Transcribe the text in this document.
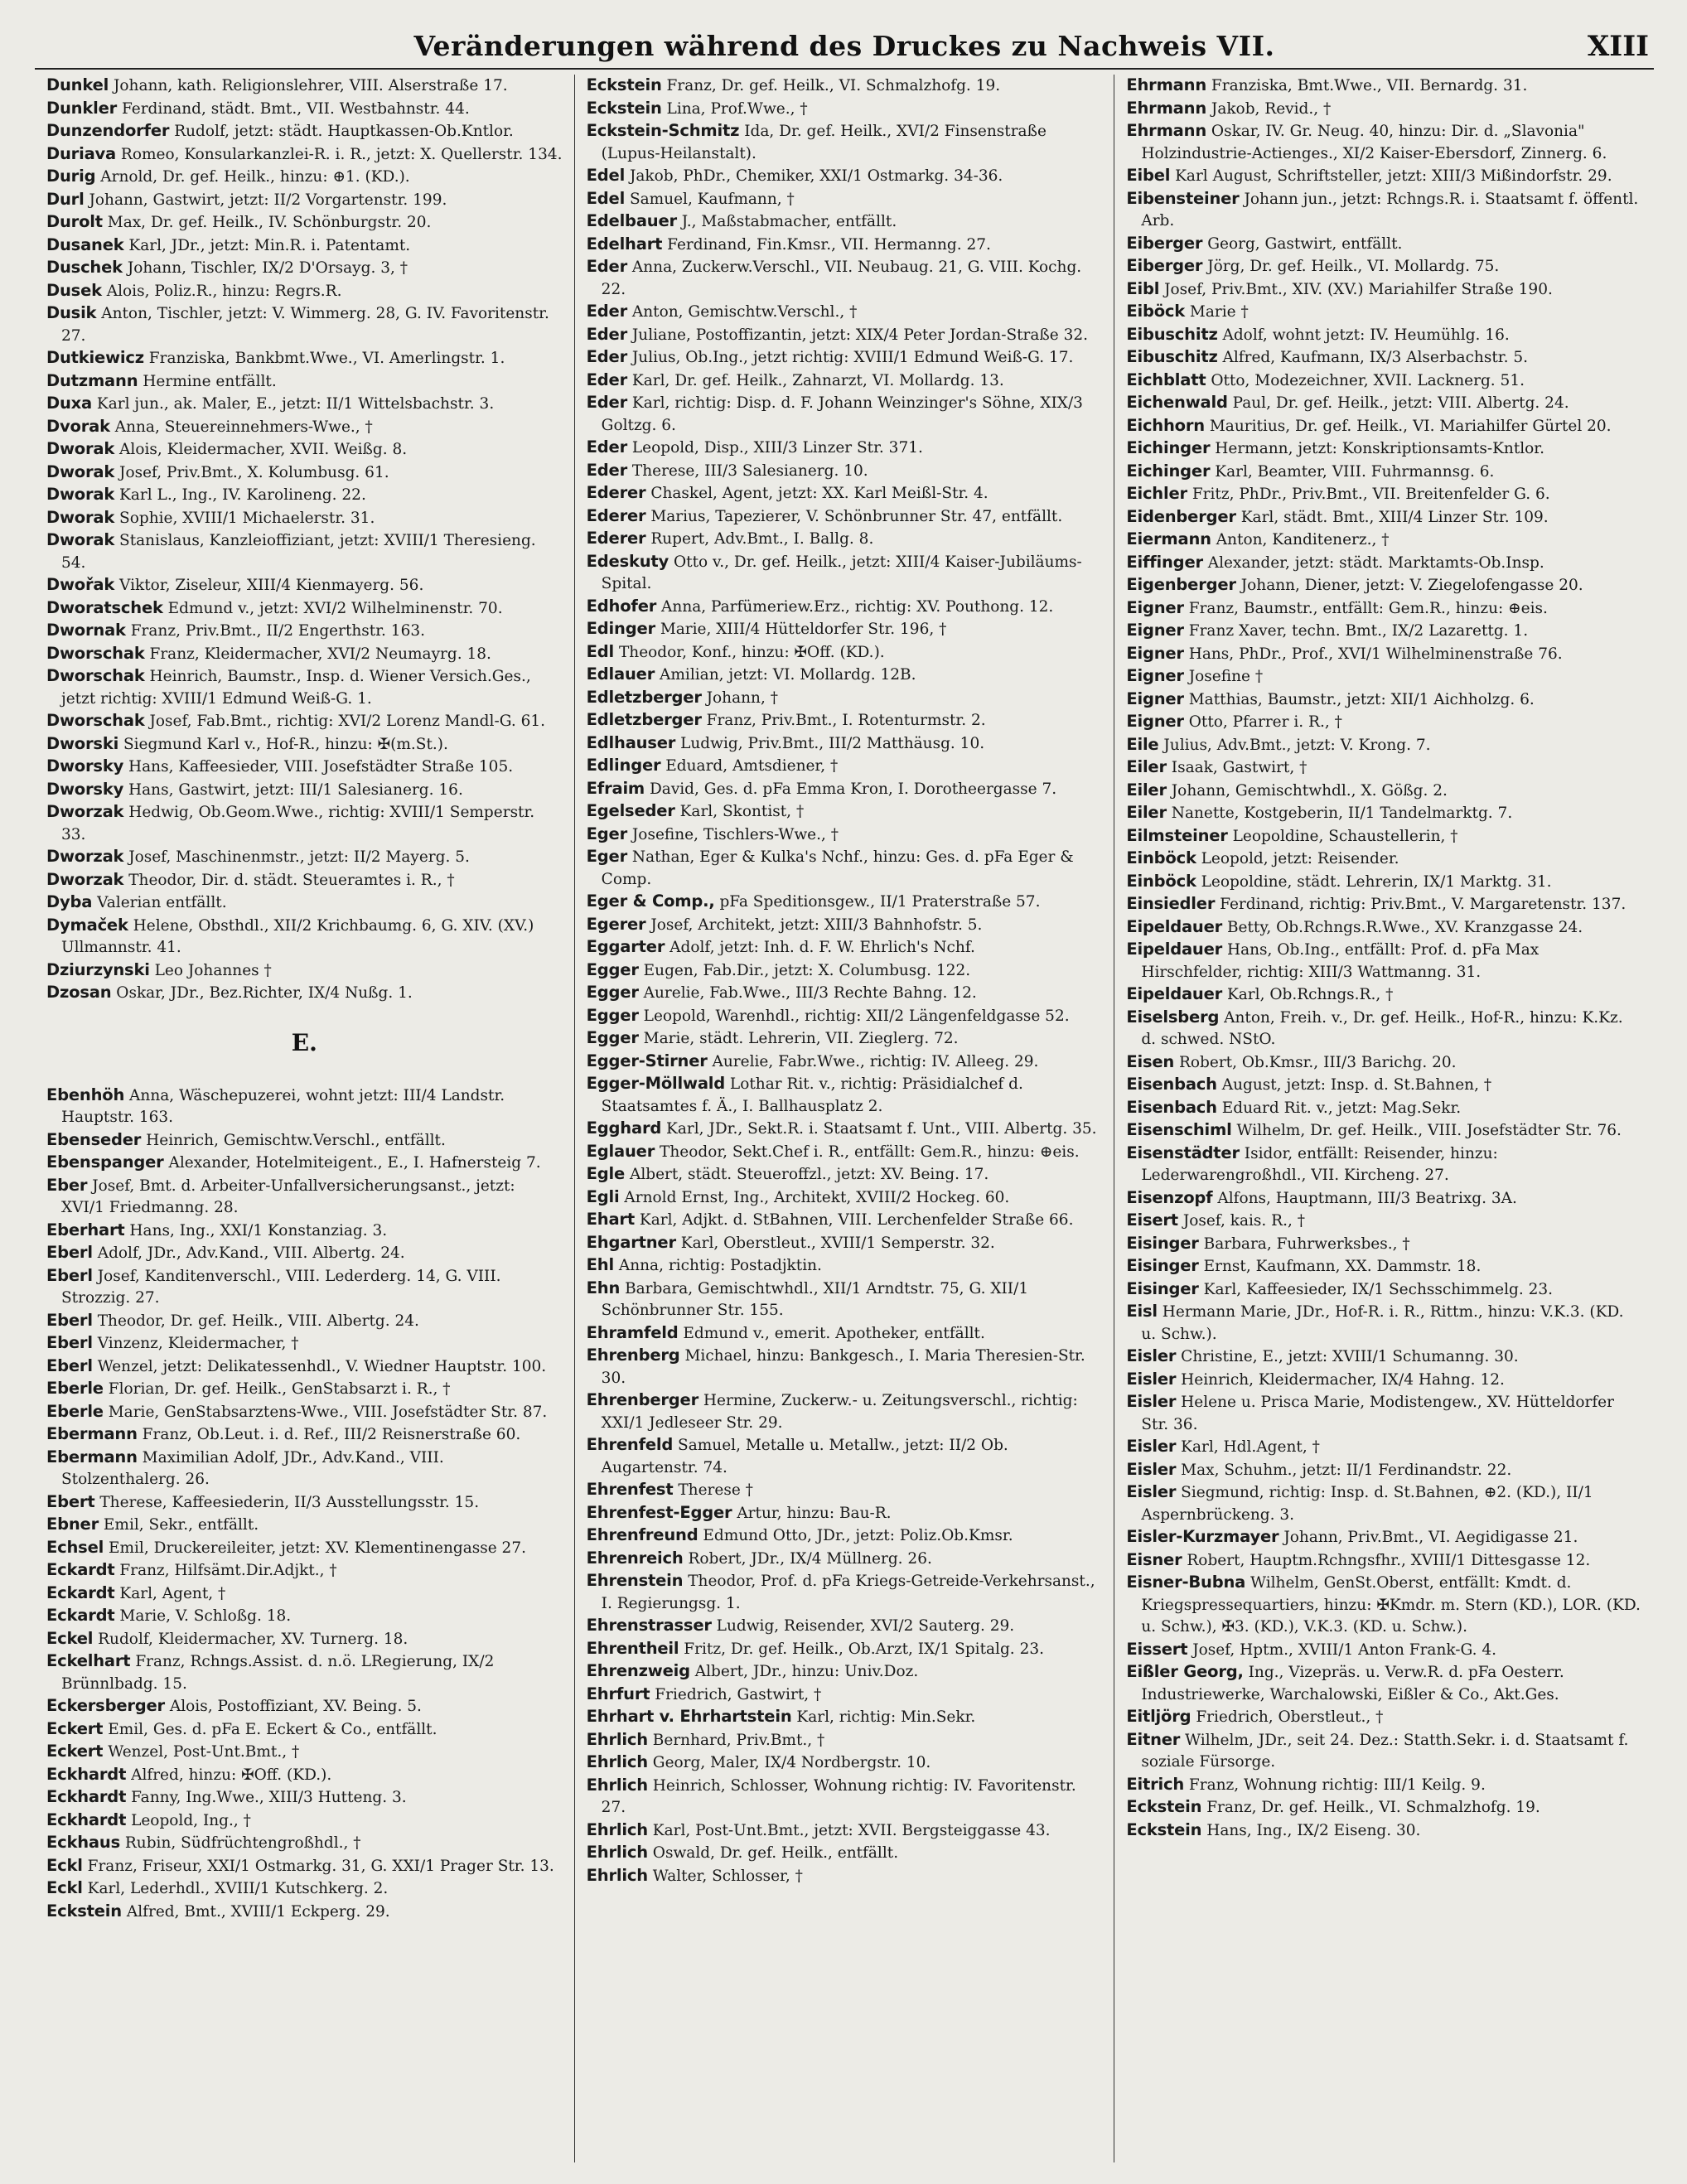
Veränderungen während des Druckes zu Nachweis VII.	XIII

Dunkel Johann, kath. Religionslehrer, VIII. Alserstraße 17.

Dunkler Ferdinand, städt. Bmt., VII. Westbahnstr. 44.

Dunzendorfer Rudolf, jetzt: städt. Hauptkassen-Ob.Kntlor.

Duriava Romeo, Konsularkanzlei-R. i. R., jetzt: X. Quellerstr. 134.

Durig Arnold, Dr. gef. Heilk., hinzu: ⊕1. (KD.).

Durl Johann, Gastwirt, jetzt: II/2 Vorgartenstr. 199.

Durolt Max, Dr. gef. Heilk., IV. Schönburgstr. 20.

Dusanek Karl, JDr., jetzt: Min.R. i. Patentamt.

Duschek Johann, Tischler, IX/2 D'Orsayg. 3, †

Dusek Alois, Poliz.R., hinzu: Regrs.R.

Dusik Anton, Tischler, jetzt: V. Wimmerg. 28, G. IV. Favoritenstr. 27.

Dutkiewicz Franziska, Bankbmt.Wwe., VI. Amerlingstr. 1.

Dutzmann Hermine entfällt.

Duxa Karl jun., ak. Maler, E., jetzt: II/1 Wittelsbachstr. 3.

Dvorak Anna, Steuereinnehmers-Wwe., †

Dworak Alois, Kleidermacher, XVII. Weißg. 8.

Dworak Josef, Priv.Bmt., X. Kolumbusg. 61.

Dworak Karl L., Ing., IV. Karolineng. 22.

Dworak Sophie, XVIII/1 Michaelerstr. 31.

Dworak Stanislaus, Kanzleioffiziant, jetzt: XVIII/1 Theresieng. 54.

Dwořak Viktor, Ziseleur, XIII/4 Kienmayerg. 56.

Dworatschek Edmund v., jetzt: XVI/2 Wilhelminenstr. 70.

Dwornak Franz, Priv.Bmt., II/2 Engerthstr. 163.

Dworschak Franz, Kleidermacher, XVI/2 Neumayrg. 18.

Dworschak Heinrich, Baumstr., Insp. d. Wiener Versich.Ges., jetzt richtig: XVIII/1 Edmund Weiß-G. 1.

Dworschak Josef, Fab.Bmt., richtig: XVI/2 Lorenz Mandl-G. 61.

Dworski Siegmund Karl v., Hof-R., hinzu: ✠(m.St.).

Dworsky Hans, Kaffeesieder, VIII. Josefstädter Straße 105.

Dworsky Hans, Gastwirt, jetzt: III/1 Salesianerg. 16.

Dworzak Hedwig, Ob.Geom.Wwe., richtig: XVIII/1 Semperstr. 33.

Dworzak Josef, Maschinenmstr., jetzt: II/2 Mayerg. 5.

Dworzak Theodor, Dir. d. städt. Steueramtes i. R., †

Dyba Valerian entfällt.

Dymaček Helene, Obsthdl., XII/2 Krichbaumg. 6, G. XIV. (XV.) Ullmannstr. 41.

Dziurzynski Leo Johannes †

Dzosan Oskar, JDr., Bez.Richter, IX/4 Nußg. 1.

E.

Ebenhöh Anna, Wäschepuzerei, wohnt jetzt: III/4 Landstr. Hauptstr. 163.

Ebenseder Heinrich, Gemischtw.Verschl., entfällt.

Ebenspanger Alexander, Hotelmiteigent., E., I. Hafnersteig 7.

Eber Josef, Bmt. d. Arbeiter-Unfallversicherungsanst., jetzt: XVI/1 Friedmanng. 28.

Eberhart Hans, Ing., XXI/1 Konstanziag. 3.

Eberl Adolf, JDr., Adv.Kand., VIII. Albertg. 24.

Eberl Josef, Kanditenverschl., VIII. Lederderg. 14, G. VIII. Strozzig. 27.

Eberl Theodor, Dr. gef. Heilk., VIII. Albertg. 24.

Eberl Vinzenz, Kleidermacher, †

Eberl Wenzel, jetzt: Delikatessenhdl., V. Wiedner Hauptstr. 100.

Eberle Florian, Dr. gef. Heilk., GenStabsarzt i. R., †

Eberle Marie, GenStabsarztens-Wwe., VIII. Josefstädter Str. 87.

Ebermann Franz, Ob.Leut. i. d. Ref., III/2 Reisnerstraße 60.

Ebermann Maximilian Adolf, JDr., Adv.Kand., VIII. Stolzenthalerg. 26.

Ebert Therese, Kaffeesiederin, II/3 Ausstellungsstr. 15.

Ebner Emil, Sekr., entfällt.

Echsel Emil, Druckereileiter, jetzt: XV. Klementinengasse 27.

Eckardt Franz, Hilfsämt.Dir.Adjkt., †

Eckardt Karl, Agent, †

Eckardt Marie, V. Schloßg. 18.

Eckel Rudolf, Kleidermacher, XV. Turnerg. 18.

Eckelhart Franz, Rchngs.Assist. d. n.ö. LRegierung, IX/2 Brünnlbadg. 15.

Eckersberger Alois, Postoffiziant, XV. Being. 5.

Eckert Emil, Ges. d. pFa E. Eckert & Co., entfällt.

Eckert Wenzel, Post-Unt.Bmt., †

Eckhardt Alfred, hinzu: ✠Off. (KD.).

Eckhardt Fanny, Ing.Wwe., XIII/3 Hutteng. 3.

Eckhardt Leopold, Ing., †

Eckhaus Rubin, Südfrüchtengroßhdl., †

Eckl Franz, Friseur, XXI/1 Ostmarkg. 31, G. XXI/1 Prager Str. 13.

Eckl Karl, Lederhdl., XVIII/1 Kutschkerg. 2.

Eckstein Alfred, Bmt., XVIII/1 Eckperg. 29.

Eckstein Franz, Dr. gef. Heilk., VI. Schmalzhofg. 19.

Eckstein Lina, Prof.Wwe., †

Eckstein-Schmitz Ida, Dr. gef. Heilk., XVI/2 Finsenstraße (Lupus-Heilanstalt).

Edel Jakob, PhDr., Chemiker, XXI/1 Ostmarkg. 34-36.

Edel Samuel, Kaufmann, †

Edelbauer J., Maßstabmacher, entfällt.

Edelhart Ferdinand, Fin.Kmsr., VII. Hermanng. 27.

Eder Anna, Zuckerw.Verschl., VII. Neubaug. 21, G. VIII. Kochg. 22.

Eder Anton, Gemischtw.Verschl., †

Eder Juliane, Postoffizantin, jetzt: XIX/4 Peter Jordan-Straße 32.

Eder Julius, Ob.Ing., jetzt richtig: XVIII/1 Edmund Weiß-G. 17.

Eder Karl, Dr. gef. Heilk., Zahnarzt, VI. Mollardg. 13.

Eder Karl, richtig: Disp. d. F. Johann Weinzinger's Söhne, XIX/3 Goltzg. 6.

Eder Leopold, Disp., XIII/3 Linzer Str. 371.

Eder Therese, III/3 Salesianerg. 10.

Ederer Chaskel, Agent, jetzt: XX. Karl Meißl-Str. 4.

Ederer Marius, Tapezierer, V. Schönbrunner Str. 47, entfällt.

Ederer Rupert, Adv.Bmt., I. Ballg. 8.

Edeskuty Otto v., Dr. gef. Heilk., jetzt: XIII/4 Kaiser-Jubiläums-Spital.

Edhofer Anna, Parfümeriew.Erz., richtig: XV. Pouthong. 12.

Edinger Marie, XIII/4 Hütteldorfer Str. 196, †

Edl Theodor, Konf., hinzu: ✠Off. (KD.).

Edlauer Amilian, jetzt: VI. Mollardg. 12B.

Edletzberger Johann, †

Edletzberger Franz, Priv.Bmt., I. Rotenturmstr. 2.

Edlhauser Ludwig, Priv.Bmt., III/2 Matthäusg. 10.

Edlinger Eduard, Amtsdiener, †

Efraim David, Ges. d. pFa Emma Kron, I. Dorotheergasse 7.

Egelseder Karl, Skontist, †

Eger Josefine, Tischlers-Wwe., †

Eger Nathan, Eger & Kulka's Nchf., hinzu: Ges. d. pFa Eger & Comp.

Eger & Comp., pFa Speditionsgew., II/1 Praterstraße 57.

Egerer Josef, Architekt, jetzt: XIII/3 Bahnhofstr. 5.

Eggarter Adolf, jetzt: Inh. d. F. W. Ehrlich's Nchf.

Egger Eugen, Fab.Dir., jetzt: X. Columbusg. 122.

Egger Aurelie, Fab.Wwe., III/3 Rechte Bahng. 12.

Egger Leopold, Warenhdl., richtig: XII/2 Längenfeldgasse 52.

Egger Marie, städt. Lehrerin, VII. Zieglerg. 72.

Egger-Stirner Aurelie, Fabr.Wwe., richtig: IV. Alleeg. 29.

Egger-Möllwald Lothar Rit. v., richtig: Präsidialchef d. Staatsamtes f. Ä., I. Ballhausplatz 2.

Egghard Karl, JDr., Sekt.R. i. Staatsamt f. Unt., VIII. Albertg. 35.

Eglauer Theodor, Sekt.Chef i. R., entfällt: Gem.R., hinzu: ⊕eis.

Egle Albert, städt. Steueroffzl., jetzt: XV. Being. 17.

Egli Arnold Ernst, Ing., Architekt, XVIII/2 Hockeg. 60.

Ehart Karl, Adjkt. d. StBahnen, VIII. Lerchenfelder Straße 66.

Ehgartner Karl, Oberstleut., XVIII/1 Semperstr. 32.

Ehl Anna, richtig: Postadjktin.

Ehn Barbara, Gemischtwhdl., XII/1 Arndtstr. 75, G. XII/1 Schönbrunner Str. 155.

Ehramfeld Edmund v., emerit. Apotheker, entfällt.

Ehrenberg Michael, hinzu: Bankgesch., I. Maria Theresien-Str. 30.

Ehrenberger Hermine, Zuckerw.- u. Zeitungsverschl., richtig: XXI/1 Jedleseer Str. 29.

Ehrenfeld Samuel, Metalle u. Metallw., jetzt: II/2 Ob. Augartenstr. 74.

Ehrenfest Therese †

Ehrenfest-Egger Artur, hinzu: Bau-R.

Ehrenfreund Edmund Otto, JDr., jetzt: Poliz.Ob.Kmsr.

Ehrenreich Robert, JDr., IX/4 Müllnerg. 26.

Ehrenstein Theodor, Prof. d. pFa Kriegs-Getreide-Verkehrsanst., I. Regierungsg. 1.

Ehrenstrasser Ludwig, Reisender, XVI/2 Sauterg. 29.

Ehrentheil Fritz, Dr. gef. Heilk., Ob.Arzt, IX/1 Spitalg. 23.

Ehrenzweig Albert, JDr., hinzu: Univ.Doz.

Ehrfurt Friedrich, Gastwirt, †

Ehrhart v. Ehrhartstein Karl, richtig: Min.Sekr.

Ehrlich Bernhard, Priv.Bmt., †

Ehrlich Georg, Maler, IX/4 Nordbergstr. 10.

Ehrlich Heinrich, Schlosser, Wohnung richtig: IV. Favoritenstr. 27.

Ehrlich Karl, Post-Unt.Bmt., jetzt: XVII. Bergsteiggasse 43.

Ehrlich Oswald, Dr. gef. Heilk., entfällt.

Ehrlich Walter, Schlosser, †

Ehrmann Franziska, Bmt.Wwe., VII. Bernardg. 31.

Ehrmann Jakob, Revid., †

Ehrmann Oskar, IV. Gr. Neug. 40, hinzu: Dir. d. „Slavonia" Holzindustrie-Actienges., XI/2 Kaiser-Ebersdorf, Zinnerg. 6.

Eibel Karl August, Schriftsteller, jetzt: XIII/3 Mißindorfstr. 29.

Eibensteiner Johann jun., jetzt: Rchngs.R. i. Staatsamt f. öffentl. Arb.

Eiberger Georg, Gastwirt, entfällt.

Eiberger Jörg, Dr. gef. Heilk., VI. Mollardg. 75.

Eibl Josef, Priv.Bmt., XIV. (XV.) Mariahilfer Straße 190.

Eiböck Marie †

Eibuschitz Adolf, wohnt jetzt: IV. Heumühlg. 16.

Eibuschitz Alfred, Kaufmann, IX/3 Alserbachstr. 5.

Eichblatt Otto, Modezeichner, XVII. Lacknerg. 51.

Eichenwald Paul, Dr. gef. Heilk., jetzt: VIII. Albertg. 24.

Eichhorn Mauritius, Dr. gef. Heilk., VI. Mariahilfer Gürtel 20.

Eichinger Hermann, jetzt: Konskriptionsamts-Kntlor.

Eichinger Karl, Beamter, VIII. Fuhrmannsg. 6.

Eichler Fritz, PhDr., Priv.Bmt., VII. Breitenfelder G. 6.

Eidenberger Karl, städt. Bmt., XIII/4 Linzer Str. 109.

Eiermann Anton, Kanditenerz., †

Eiffinger Alexander, jetzt: städt. Marktamts-Ob.Insp.

Eigenberger Johann, Diener, jetzt: V. Ziegelofengasse 20.

Eigner Franz, Baumstr., entfällt: Gem.R., hinzu: ⊕eis.

Eigner Franz Xaver, techn. Bmt., IX/2 Lazarettg. 1.

Eigner Hans, PhDr., Prof., XVI/1 Wilhelminenstraße 76.

Eigner Josefine †

Eigner Matthias, Baumstr., jetzt: XII/1 Aichholzg. 6.

Eigner Otto, Pfarrer i. R., †

Eile Julius, Adv.Bmt., jetzt: V. Krong. 7.

Eiler Isaak, Gastwirt, †

Eiler Johann, Gemischtwhdl., X. Gößg. 2.

Eiler Nanette, Kostgeberin, II/1 Tandelmarktg. 7.

Eilmsteiner Leopoldine, Schaustellerin, †

Einböck Leopold, jetzt: Reisender.

Einböck Leopoldine, städt. Lehrerin, IX/1 Marktg. 31.

Einsiedler Ferdinand, richtig: Priv.Bmt., V. Margaretenstr. 137.

Eipeldauer Betty, Ob.Rchngs.R.Wwe., XV. Kranzgasse 24.

Eipeldauer Hans, Ob.Ing., entfällt: Prof. d. pFa Max Hirschfelder, richtig: XIII/3 Wattmanng. 31.

Eipeldauer Karl, Ob.Rchngs.R., †

Eiselsberg Anton, Freih. v., Dr. gef. Heilk., Hof-R., hinzu: K.Kz. d. schwed. NStO.

Eisen Robert, Ob.Kmsr., III/3 Barichg. 20.

Eisenbach August, jetzt: Insp. d. St.Bahnen, †

Eisenbach Eduard Rit. v., jetzt: Mag.Sekr.

Eisenschiml Wilhelm, Dr. gef. Heilk., VIII. Josefstädter Str. 76.

Eisenstädter Isidor, entfällt: Reisender, hinzu: Lederwarengroßhdl., VII. Kircheng. 27.

Eisenzopf Alfons, Hauptmann, III/3 Beatrixg. 3A.

Eisert Josef, kais. R., †

Eisinger Barbara, Fuhrwerksbes., †

Eisinger Ernst, Kaufmann, XX. Dammstr. 18.

Eisinger Karl, Kaffeesieder, IX/1 Sechsschimmelg. 23.

Eisl Hermann Marie, JDr., Hof-R. i. R., Rittm., hinzu: V.K.3. (KD. u. Schw.).

Eisler Christine, E., jetzt: XVIII/1 Schumanng. 30.

Eisler Heinrich, Kleidermacher, IX/4 Hahng. 12.

Eisler Helene u. Prisca Marie, Modistengew., XV. Hütteldorfer Str. 36.

Eisler Karl, Hdl.Agent, †

Eisler Max, Schuhm., jetzt: II/1 Ferdinandstr. 22.

Eisler Siegmund, richtig: Insp. d. St.Bahnen, ⊕2. (KD.), II/1 Aspernbrückeng. 3.

Eisler-Kurzmayer Johann, Priv.Bmt., VI. Aegidigasse 21.

Eisner Robert, Hauptm.Rchngsfhr., XVIII/1 Dittesgasse 12.

Eisner-Bubna Wilhelm, GenSt.Oberst, entfällt: Kmdt. d. Kriegspressequartiers, hinzu: ✠Kmdr. m. Stern (KD.), LOR. (KD. u. Schw.), ✠3. (KD.), V.K.3. (KD. u. Schw.).

Eissert Josef, Hptm., XVIII/1 Anton Frank-G. 4.

Eißler Georg, Ing., Vizepräs. u. Verw.R. d. pFa Oesterr. Industriewerke, Warchalowski, Eißler & Co., Akt.Ges.

Eitljörg Friedrich, Oberstleut., †

Eitner Wilhelm, JDr., seit 24. Dez.: Statth.Sekr. i. d. Staatsamt f. soziale Fürsorge.

Eitrich Franz, Wohnung richtig: III/1 Keilg. 9.

Eckstein Franz, Dr. gef. Heilk., VI. Schmalzhofg. 19.

Eckstein Hans, Ing., IX/2 Eiseng. 30.
